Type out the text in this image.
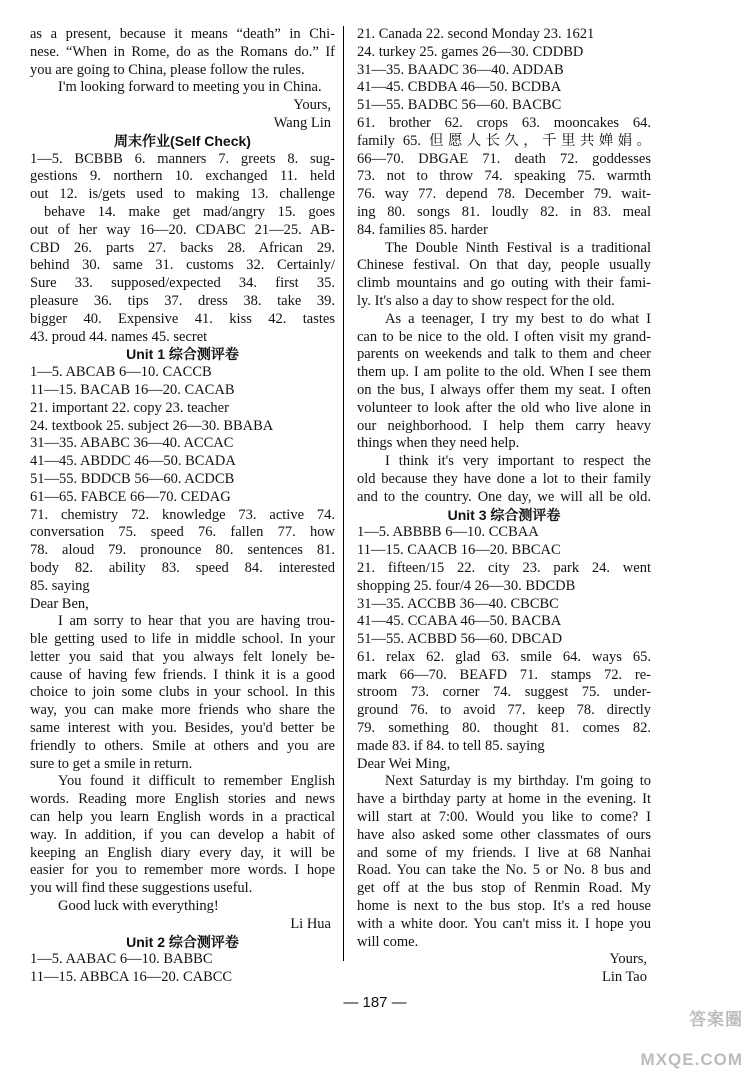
as a present, because it means “death” in Chi-
nese. “When in Rome, do as the Romans do.” If
you are going to China, please follow the rules.
I'm looking forward to meeting you in China.
Yours,
Wang Lin
周末作业(Self Check)
1—5. BCBBB 6. manners 7. greets 8. sug-
gestions 9. northern 10. exchanged 11. held
out 12. is/gets used to making 13. challenge
behave 14. make get mad/angry 15. goes
out of her way 16—20. CDABC 21—25. AB-
CBD 26. parts 27. backs 28. African 29.
behind 30. same 31. customs 32. Certainly/
Sure 33. supposed/expected 34. first 35.
pleasure 36. tips 37. dress 38. take 39.
bigger 40. Expensive 41. kiss 42. tastes
43. proud 44. names 45. secret
Unit 1 综合测评卷
1—5. ABCAB 6—10. CACCB
11—15. BACAB 16—20. CACAB
21. important 22. copy 23. teacher
24. textbook 25. subject 26—30. BBABA
31—35. ABABC 36—40. ACCAC
41—45. ABDDC 46—50. BCADA
51—55. BDDCB 56—60. ACDCB
61—65. FABCE 66—70. CEDAG
71. chemistry 72. knowledge 73. active 74.
conversation 75. speed 76. fallen 77. how
78. aloud 79. pronounce 80. sentences 81.
body 82. ability 83. speed 84. interested
85. saying
Dear Ben,
I am sorry to hear that you are having trou-
ble getting used to life in middle school. In your
letter you said that you always felt lonely be-
cause of having few friends. I think it is a good
choice to join some clubs in your school. In this
way, you can make more friends who share the
same interest with you. Besides, you'd better be
friendly to others. Smile at others and you are
sure to get a smile in return.
You found it difficult to remember English
words. Reading more English stories and news
can help you learn English words in a practical
way. In addition, if you can develop a habit of
keeping an English diary every day, it will be
easier for you to remember more words. I hope
you will find these suggestions useful.
Good luck with everything!
Li Hua
Unit 2 综合测评卷
1—5. AABAC 6—10. BABBC
11—15. ABBCA 16—20. CABCC
21. Canada 22. second Monday 23. 1621
24. turkey 25. games 26—30. CDDBD
31—35. BAADC 36—40. ADDAB
41—45. CBDBA 46—50. BCDBA
51—55. BADBC 56—60. BACBC
61. brother 62. crops 63. mooncakes 64.
family 65. 但愿人长久，千里共婵娟。
66—70. DBGAE 71. death 72. goddesses
73. not to throw 74. speaking 75. warmth
76. way 77. depend 78. December 79. wait-
ing 80. songs 81. loudly 82. in 83. meal
84. families 85. harder
The Double Ninth Festival is a traditional
Chinese festival. On that day, people usually
climb mountains and go outing with their fami-
ly. It's also a day to show respect for the old.
As a teenager, I try my best to do what I
can to be nice to the old. I often visit my grand-
parents on weekends and talk to them and cheer
them up. I am polite to the old. When I see them
on the bus, I always offer them my seat. I often
volunteer to look after the old who live alone in
our neighborhood. I help them carry heavy
things when they need help.
I think it's very important to respect the
old because they have done a lot to their family
and to the country. One day, we will all be old.
Unit 3 综合测评卷
1—5. ABBBB 6—10. CCBAA
11—15. CAACB 16—20. BBCAC
21. fifteen/15 22. city 23. park 24. went
shopping 25. four/4 26—30. BDCDB
31—35. ACCBB 36—40. CBCBC
41—45. CCABA 46—50. BACBA
51—55. ACBBD 56—60. DBCAD
61. relax 62. glad 63. smile 64. ways 65.
mark 66—70. BEAFD 71. stamps 72. re-
stroom 73. corner 74. suggest 75. under-
ground 76. to avoid 77. keep 78. directly
79. something 80. thought 81. comes 82.
made 83. if 84. to tell 85. saying
Dear Wei Ming,
Next Saturday is my birthday. I'm going to
have a birthday party at home in the evening. It
will start at 7:00. Would you like to come? I
have also asked some other classmates of ours
and some of my friends. I live at 68 Nanhai
Road. You can take the No. 5 or No. 8 bus and
get off at the bus stop of Renmin Road. My
home is next to the bus stop. It's a red house
with a white door. You can't miss it. I hope you
will come.
Yours,
Lin Tao
— 187 —
答案圈 MXQE.COM
